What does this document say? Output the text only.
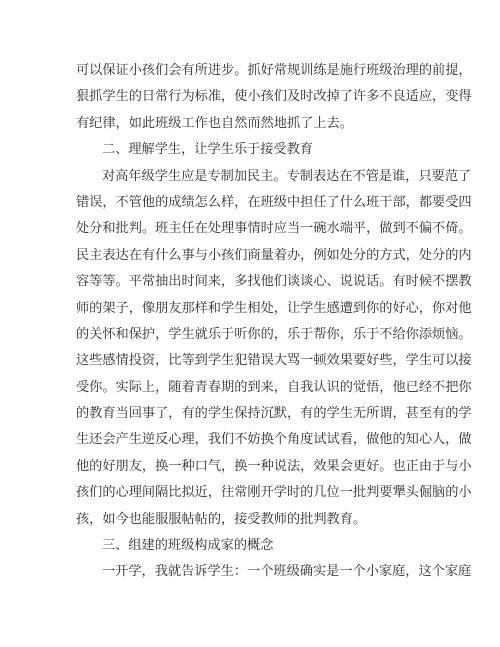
可以保证小孩们会有所进步。抓好常规训练是施行班级治理的前提，
狠抓学生的日常行为标准，使小孩们及时改掉了许多不良适应，变得
有纪律，如此班级工作也自然而然地抓了上去。
二、理解学生，让学生乐于接受教育
对高年级学生应是专制加民主。专制表达在不管是谁，只要范了
错误，不管他的成绩怎么样，在班级中担任了什么班干部，都要受四
处分和批判。班主任在处理事情时应当一碗水端平，做到不偏不倚。
民主表达在有什么事与小孩们商量着办，例如处分的方式，处分的内
容等等。平常抽出时间来，多找他们谈谈心、说说话。有时候不摆教
师的架子，像朋友那样和学生相处，让学生感遭到你的好心，你对他
的关怀和保护，学生就乐于听你的，乐于帮你，乐于不给你添烦恼。
这些感情投资，比等到学生犯错误大骂一顿效果要好些，学生可以接
受你。实际上，随着青春期的到来，自我认识的觉悟，他已经不把你
的教育当回事了，有的学生保持沉默，有的学生无所谓，甚至有的学
生还会产生逆反心理，我们不妨换个角度试试看，做他的知心人，做
他的好朋友，换一种口气，换一种说法，效果会更好。也正由于与小
孩们的心理间隔比拟近，往常刚开学时的几位一批判要犟头倔脑的小
孩，如今也能服服帖帖的，接受教师的批判教育。
三、组建的班级构成家的概念
一开学，我就告诉学生：一个班级确实是一个小家庭，这个家庭
